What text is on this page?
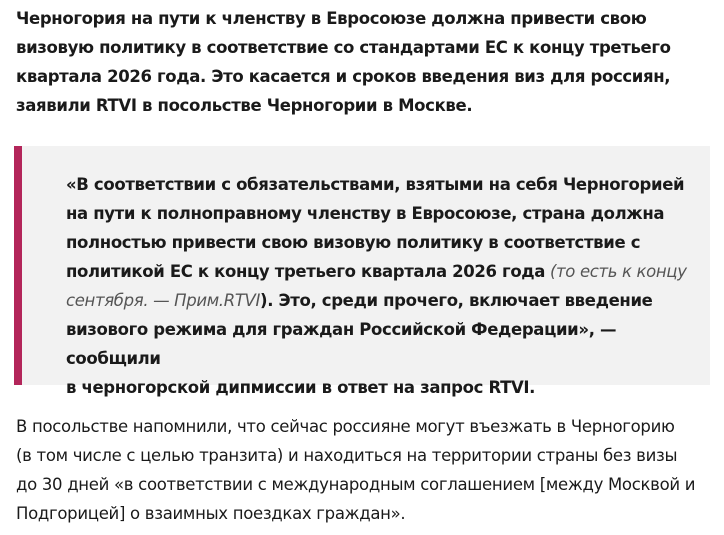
Черногория на пути к членству в Евросоюзе должна привести свою
визовую политику в соответствие со стандартами ЕС к концу третьего
квартала 2026 года. Это касается и сроков введения виз для россиян,
заявили RTVI в посольстве Черногории в Москве.

«В соответствии с обязательствами, взятыми на себя Черногорией
на пути к полноправному членству в Евросоюзе, страна должна
полностью привести свою визовую политику в соответствие с
политикой ЕС к концу третьего квартала 2026 года (то есть к концу
сентября. — Прим.RTVI). Это, среди прочего, включает введение
визового режима для граждан Российской Федерации», — сообщили
в черногорской дипмиссии в ответ на запрос RTVI.

В посольстве напомнили, что сейчас россияне могут въезжать в Черногорию
(в том числе с целью транзита) и находиться на территории страны без визы
до 30 дней «в соответствии с международным соглашением [между Москвой и
Подгорицей] о взаимных поездках граждан».
